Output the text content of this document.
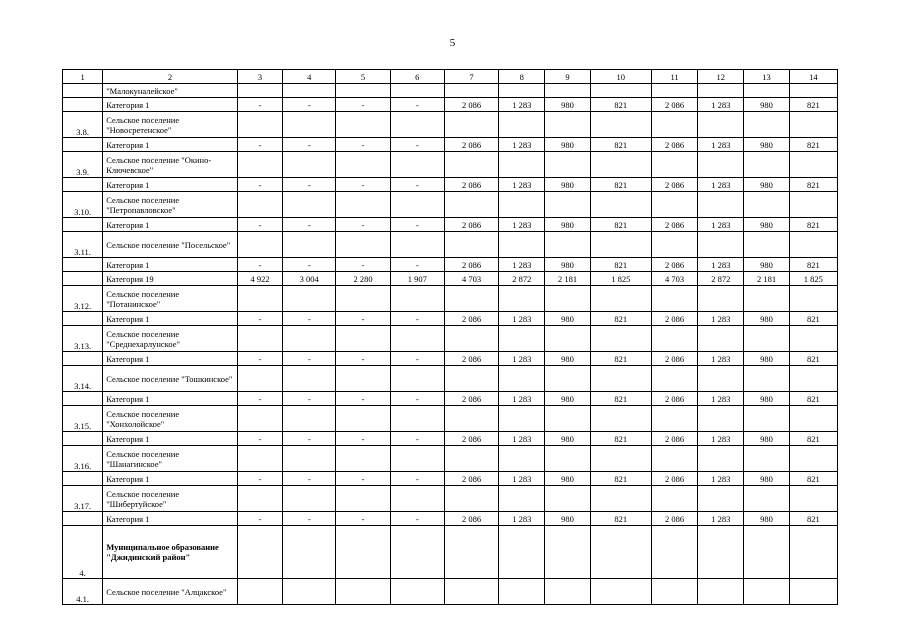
5
1	2	3	4	5	6	7	8	9	10	11	12	13	14
	"Малокуналейское"												
	Категория 1	-	-	-	-	2 086	1 283	980	821	2 086	1 283	980	821
3.8.	Сельское поселение "Новосретенское"												
	Категория 1	-	-	-	-	2 086	1 283	980	821	2 086	1 283	980	821
3.9.	Сельское поселение "Окино-Ключевское"												
	Категория 1	-	-	-	-	2 086	1 283	980	821	2 086	1 283	980	821
3.10.	Сельское поселение "Петропавловское"												
	Категория 1	-	-	-	-	2 086	1 283	980	821	2 086	1 283	980	821
3.11.	Сельское поселение "Посельское"												
	Категория 1	-	-	-	-	2 086	1 283	980	821	2 086	1 283	980	821
	Категория 19	4 922	3 004	2 280	1 907	4 703	2 872	2 181	1 825	4 703	2 872	2 181	1 825
3.12.	Сельское поселение "Потанинское"												
	Категория 1	-	-	-	-	2 086	1 283	980	821	2 086	1 283	980	821
3.13.	Сельское поселение "Среднехарлунское"												
	Категория 1	-	-	-	-	2 086	1 283	980	821	2 086	1 283	980	821
3.14.	Сельское поселение "Тошкинское"												
	Категория 1	-	-	-	-	2 086	1 283	980	821	2 086	1 283	980	821
3.15.	Сельское поселение "Хонхолойское"												
	Категория 1	-	-	-	-	2 086	1 283	980	821	2 086	1 283	980	821
3.16.	Сельское поселение "Шанагинское"												
	Категория 1	-	-	-	-	2 086	1 283	980	821	2 086	1 283	980	821
3.17.	Сельское поселение "Шибертуйское"												
	Категория 1	-	-	-	-	2 086	1 283	980	821	2 086	1 283	980	821
4.	Муниципальное образование "Джидинский район"												
4.1.	Сельское поселение "Алцакское"												
